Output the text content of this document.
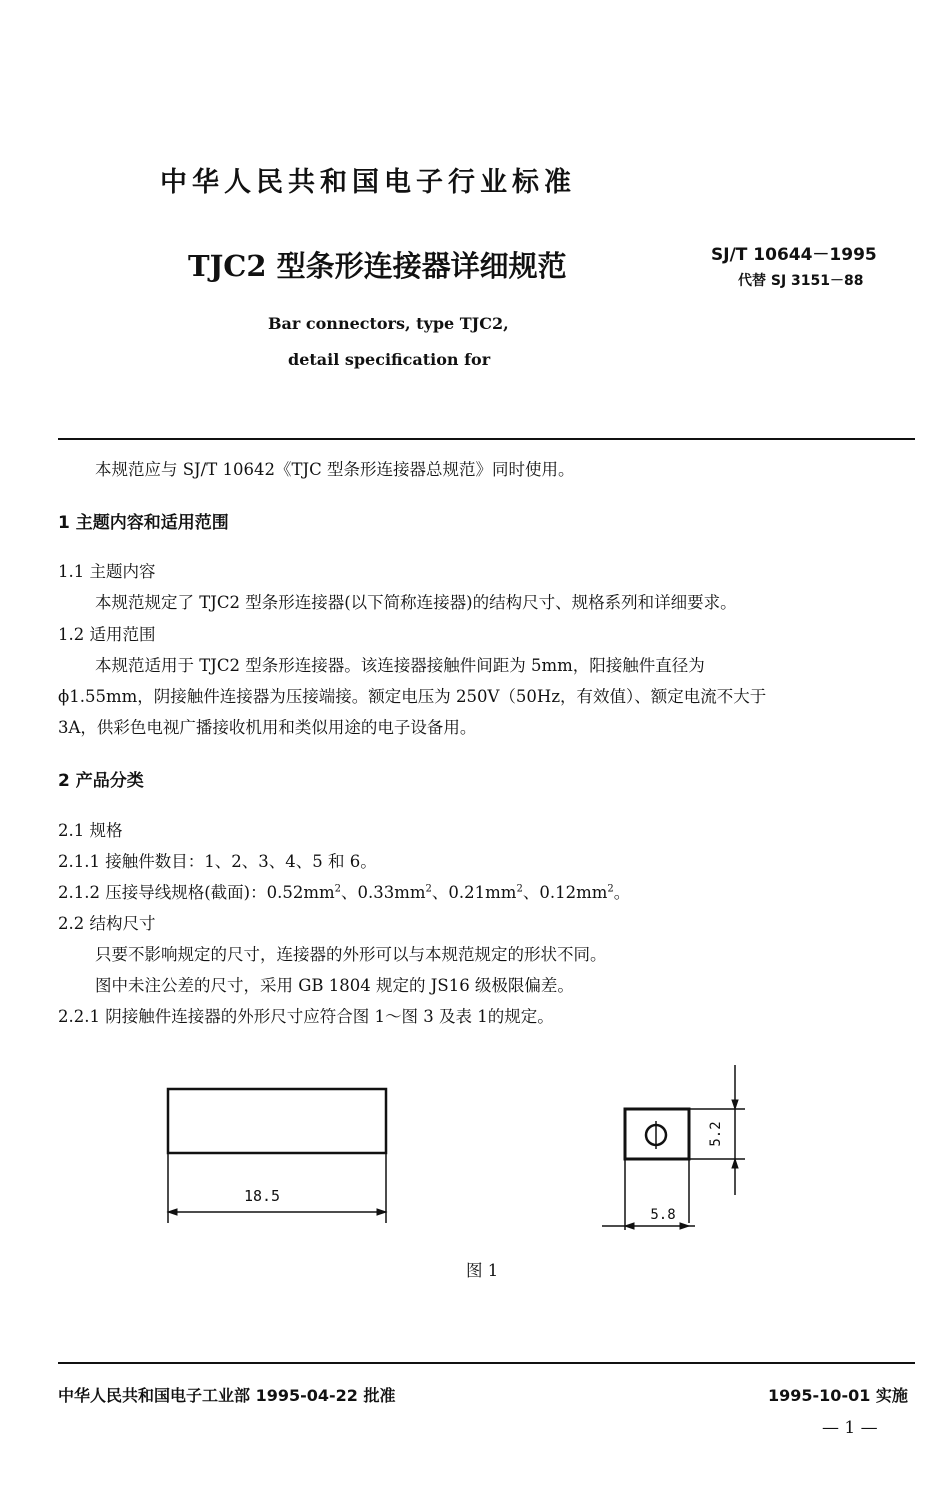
中华人民共和国电子行业标准
TJC2 型条形连接器详细规范	SJ/T 10644－1995
代替 SJ 3151－88
Bar connectors, type TJC2,
detail specification for
本规范应与 SJ/T 10642《TJC 型条形连接器总规范》同时使用。
1 主题内容和适用范围
1.1 主题内容
本规范规定了 TJC2 型条形连接器(以下简称连接器)的结构尺寸、规格系列和详细要求。
1.2 适用范围
本规范适用于 TJC2 型条形连接器。该连接器接触件间距为 5mm，阳接触件直径为
ϕ1.55mm，阴接触件连接器为压接端接。额定电压为 250V（50Hz，有效值）、额定电流不大于
3A，供彩色电视广播接收机用和类似用途的电子设备用。
2 产品分类
2.1 规格
2.1.1 接触件数目：1、2、3、4、5 和 6。
2.1.2 压接导线规格(截面)：$0.52mm^2$、$0.33mm^2$、$0.21mm^2$、$0.12mm^2$。
2.2 结构尺寸
只要不影响规定的尺寸，连接器的外形可以与本规范规定的形状不同。
图中未注公差的尺寸，采用 GB 1804 规定的 JS16 级极限偏差。
2.2.1 阴接触件连接器的外形尺寸应符合图 1～图 3 及表 1的规定。
18.5
5.2
5.8
图 1
中华人民共和国电子工业部 1995-04-22 批准	1995-10-01 实施
— 1 —
